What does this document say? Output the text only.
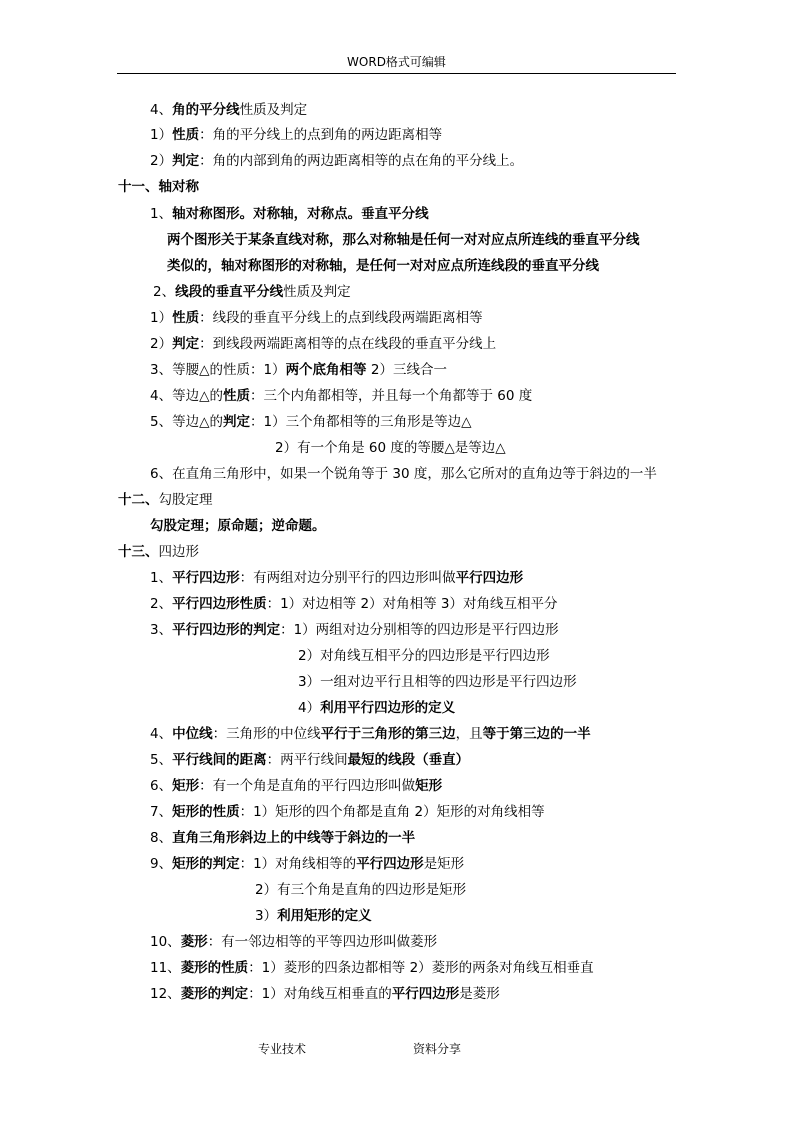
WORD格式可编辑
4、角的平分线性质及判定
1）性质：角的平分线上的点到角的两边距离相等
2）判定：角的内部到角的两边距离相等的点在角的平分线上。
十一、轴对称
1、轴对称图形。对称轴，对称点。垂直平分线
两个图形关于某条直线对称，那么对称轴是任何一对对应点所连线的垂直平分线
类似的，轴对称图形的对称轴，是任何一对对应点所连线段的垂直平分线
2、线段的垂直平分线性质及判定
1）性质：线段的垂直平分线上的点到线段两端距离相等
2）判定：到线段两端距离相等的点在线段的垂直平分线上
3、等腰△的性质：1）两个底角相等 2）三线合一
4、等边△的性质：三个内角都相等，并且每一个角都等于 60 度
5、等边△的判定：1）三个角都相等的三角形是等边△
2）有一个角是 60 度的等腰△是等边△
6、在直角三角形中，如果一个锐角等于 30 度，那么它所对的直角边等于斜边的一半
十二、勾股定理
勾股定理；原命题；逆命题。
十三、四边形
1、平行四边形：有两组对边分别平行的四边形叫做平行四边形
2、平行四边形性质：1）对边相等 2）对角相等 3）对角线互相平分
3、平行四边形的判定：1）两组对边分别相等的四边形是平行四边形
2）对角线互相平分的四边形是平行四边形
3）一组对边平行且相等的四边形是平行四边形
4）利用平行四边形的定义
4、中位线：三角形的中位线平行于三角形的第三边，且等于第三边的一半
5、平行线间的距离：两平行线间最短的线段（垂直）
6、矩形：有一个角是直角的平行四边形叫做矩形
7、矩形的性质：1）矩形的四个角都是直角 2）矩形的对角线相等
8、直角三角形斜边上的中线等于斜边的一半
9、矩形的判定：1）对角线相等的平行四边形是矩形
2）有三个角是直角的四边形是矩形
3）利用矩形的定义
10、菱形：有一邻边相等的平等四边形叫做菱形
11、菱形的性质：1）菱形的四条边都相等 2）菱形的两条对角线互相垂直
12、菱形的判定：1）对角线互相垂直的平行四边形是菱形
专业技术	资料分享
